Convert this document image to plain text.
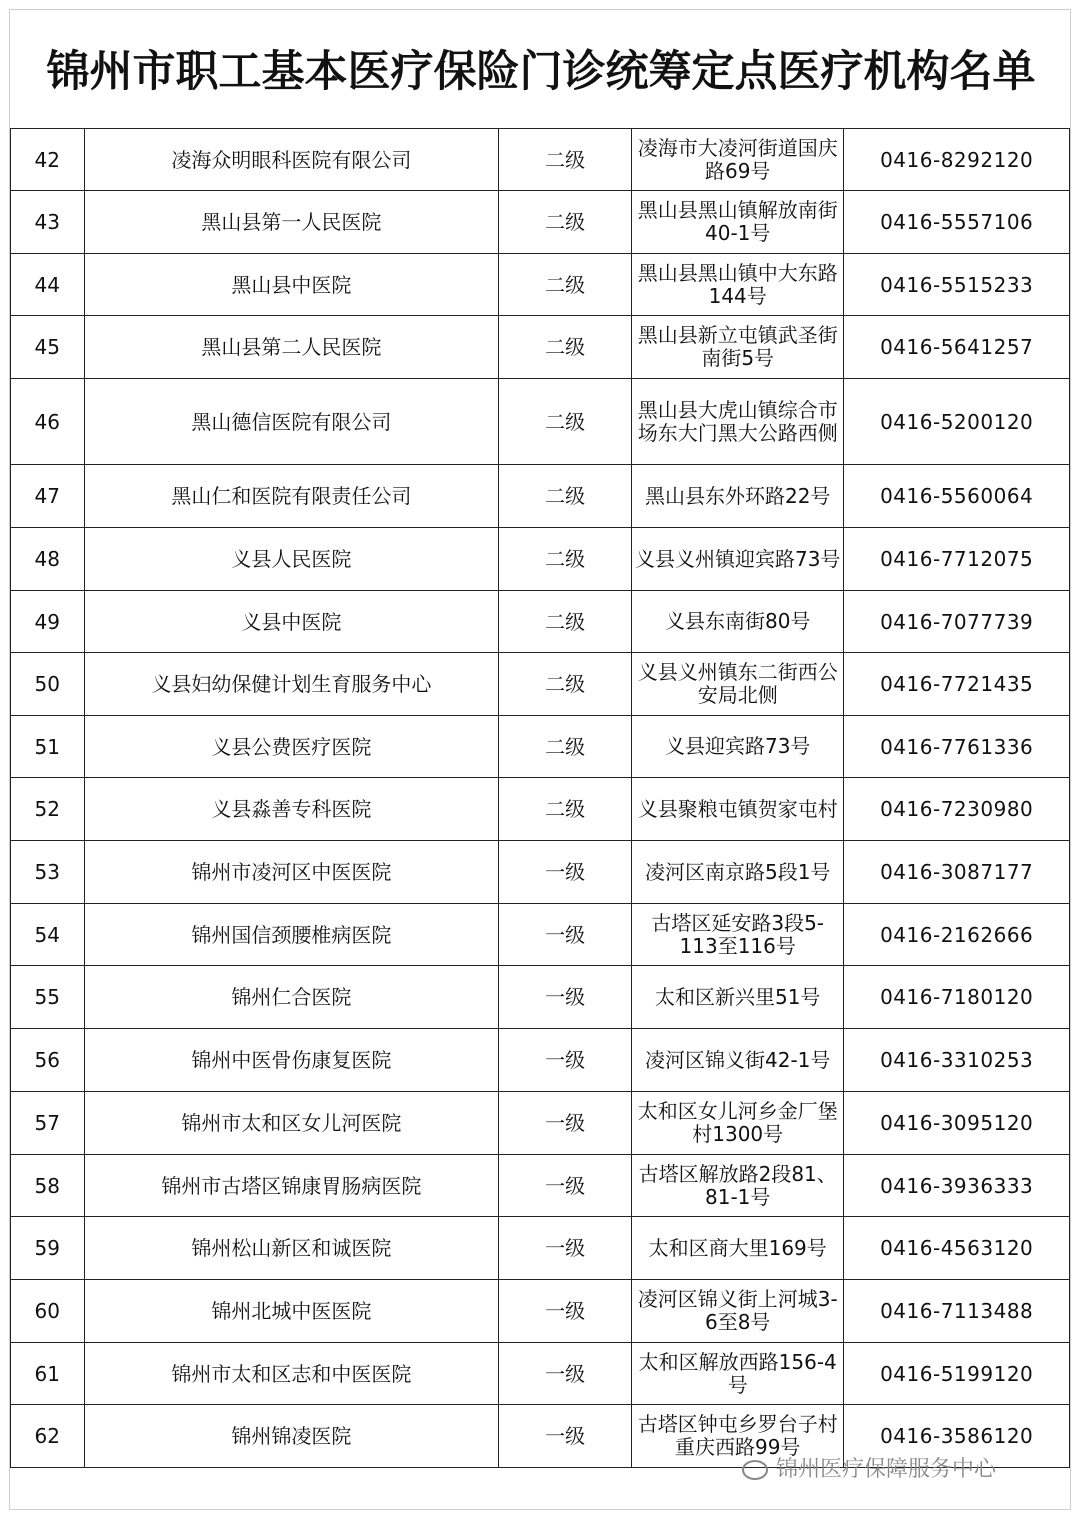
锦州市职工基本医疗保险门诊统筹定点医疗机构名单
42	凌海众明眼科医院有限公司	二级	凌海市大凌河街道国庆路69号	0416-8292120
43	黑山县第一人民医院	二级	黑山县黑山镇解放南街40-1号	0416-5557106
44	黑山县中医院	二级	黑山县黑山镇中大东路144号	0416-5515233
45	黑山县第二人民医院	二级	黑山县新立屯镇武圣街南街5号	0416-5641257
46	黑山德信医院有限公司	二级	黑山县大虎山镇综合市场东大门黑大公路西侧	0416-5200120
47	黑山仁和医院有限责任公司	二级	黑山县东外环路22号	0416-5560064
48	义县人民医院	二级	义县义州镇迎宾路73号	0416-7712075
49	义县中医院	二级	义县东南街80号	0416-7077739
50	义县妇幼保健计划生育服务中心	二级	义县义州镇东二街西公安局北侧	0416-7721435
51	义县公费医疗医院	二级	义县迎宾路73号	0416-7761336
52	义县淼善专科医院	二级	义县聚粮屯镇贺家屯村	0416-7230980
53	锦州市凌河区中医医院	一级	凌河区南京路5段1号	0416-3087177
54	锦州国信颈腰椎病医院	一级	古塔区延安路3段5-113至116号	0416-2162666
55	锦州仁合医院	一级	太和区新兴里51号	0416-7180120
56	锦州中医骨伤康复医院	一级	凌河区锦义街42-1号	0416-3310253
57	锦州市太和区女儿河医院	一级	太和区女儿河乡金厂堡村1300号	0416-3095120
58	锦州市古塔区锦康胃肠病医院	一级	古塔区解放路2段81、81-1号	0416-3936333
59	锦州松山新区和诚医院	一级	太和区商大里169号	0416-4563120
60	锦州北城中医医院	一级	凌河区锦义街上河城3-6至8号	0416-7113488
61	锦州市太和区志和中医医院	一级	太和区解放西路156-4号	0416-5199120
62	锦州锦凌医院	一级	古塔区钟屯乡罗台子村重庆西路99号	0416-3586120
锦州医疗保障服务中心
